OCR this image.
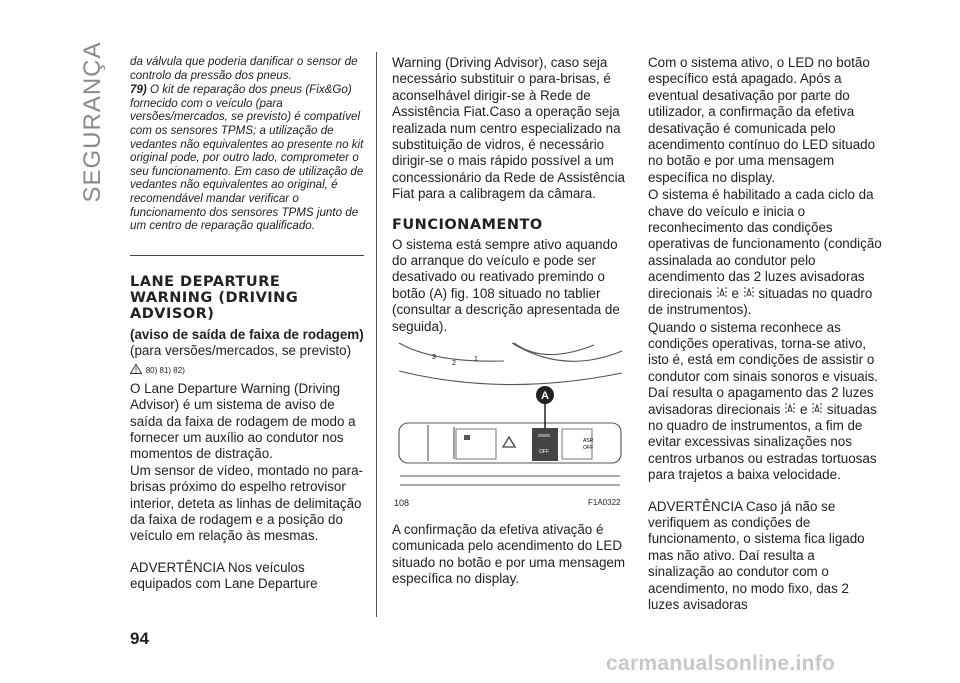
SEGURANÇA da válvula que poderia danificar o sensor de controlo da pressão dos pneus.

79) O kit de reparação dos pneus (Fix&Go) fornecido com o veículo (para versões/mercados, se previsto) é compatível com os sensores TPMS; a utilização de vedantes não equivalentes ao presente no kit original pode, por outro lado, comprometer o seu funcionamento. Em caso de utilização de vedantes não equivalentes ao original, é recomendável mandar verificar o funcionamento dos sensores TPMS junto de um centro de reparação qualificado.

LANE DEPARTURE WARNING (DRIVING ADVISOR)
(aviso de saída de faixa de rodagem)

(para versões/mercados, se previsto)

80) 81) 82)

O Lane Departure Warning (Driving Advisor) é um sistema de aviso de saída da faixa de rodagem de modo a fornecer um auxílio ao condutor nos momentos de distração.

Um sensor de vídeo, montado no para-brisas próximo do espelho retrovisor interior, deteta as linhas de delimitação da faixa de rodagem e a posição do veículo em relação às mesmas.

ADVERTÊNCIA Nos veículos equipados com Lane Departure

Warning (Driving Advisor), caso seja necessário substituir o para-brisas, é aconselhável dirigir-se à Rede de Assistência Fiat.Caso a operação seja realizada num centro especializado na substituição de vidros, é necessário dirigir-se o mais rápido possível a um concessionário da Rede de Assistência Fiat para a calibragem da câmara.

FUNCIONAMENTO

O sistema está sempre ativo aquando do arranque do veículo e pode ser desativado ou reativado premindo o botão (A) fig. 108 situado no tablier (consultar a descrição apresentada de seguida).

3
2
1
OFF
ASR
OFF
A
108	F1A0322

A confirmação da efetiva ativação é comunicada pelo acendimento do LED situado no botão e por uma mensagem específica no display.

Com o sistema ativo, o LED no botão específico está apagado. Após a eventual desativação por parte do utilizador, a confirmação da efetiva desativação é comunicada pelo acendimento contínuo do LED situado no botão e por uma mensagem específica no display.

O sistema é habilitado a cada ciclo da chave do veículo e inicia o reconhecimento das condições operativas de funcionamento (condição assinalada ao condutor pelo acendimento das 2 luzes avisadoras direcionais e situadas no quadro de instrumentos).

Quando o sistema reconhece as condições operativas, torna-se ativo, isto é, está em condições de assistir o condutor com sinais sonoros e visuais. Daí resulta o apagamento das 2 luzes avisadoras direcionais e situadas no quadro de instrumentos, a fim de evitar excessivas sinalizações nos centros urbanos ou estradas tortuosas para trajetos a baixa velocidade.

ADVERTÊNCIA Caso já não se verifiquem as condições de funcionamento, o sistema fica ligado mas não ativo. Daí resulta a sinalização ao condutor com o acendimento, no modo fixo, das 2 luzes avisadoras

94
carmanualsonline.info
